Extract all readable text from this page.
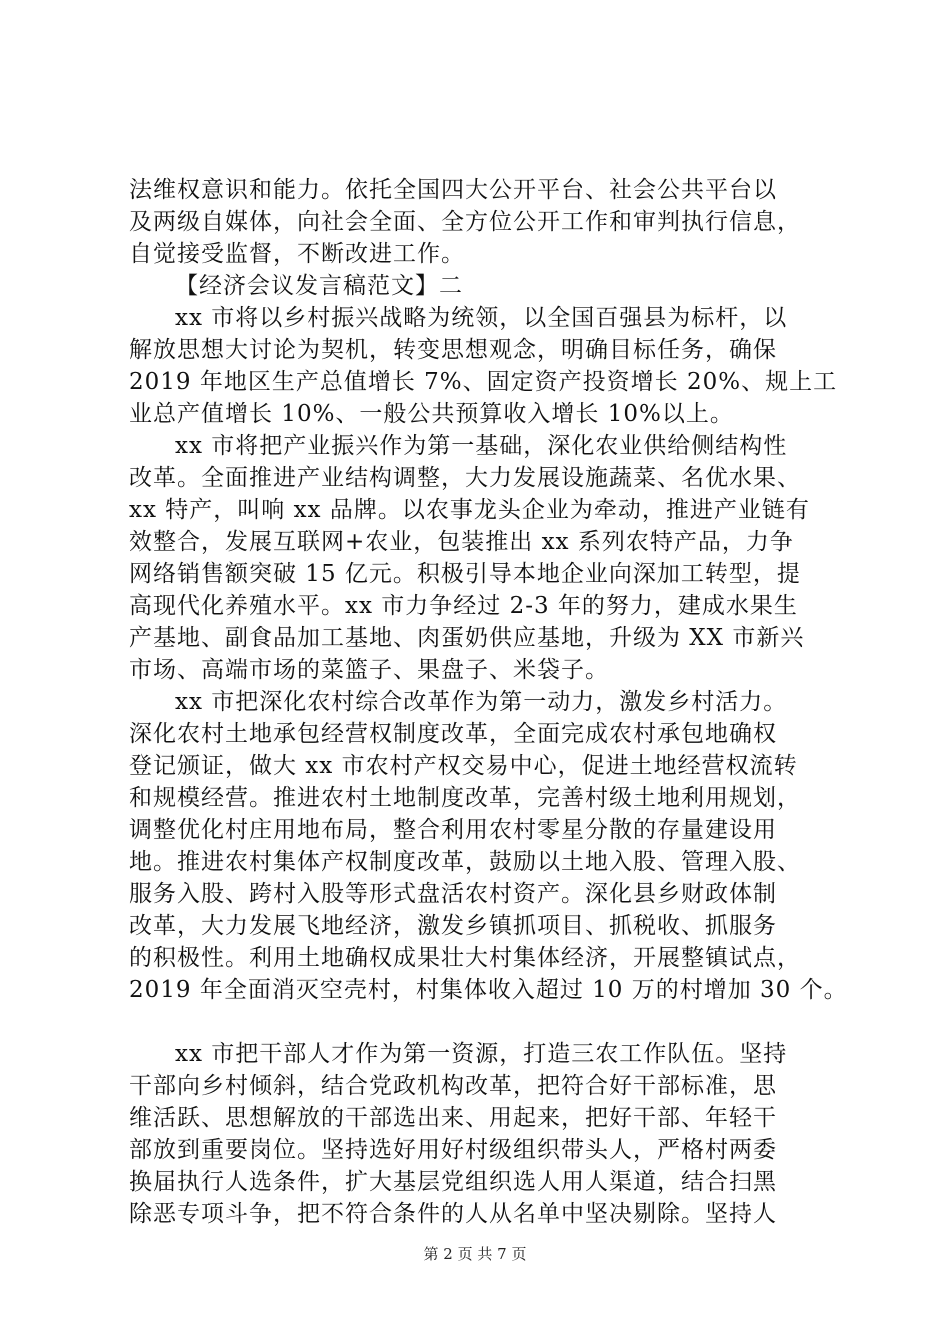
法维权意识和能力。依托全国四大公开平台、社会公共平台以
及两级自媒体，向社会全面、全方位公开工作和审判执行信息，
自觉接受监督，不断改进工作。
【经济会议发言稿范文】二
xx 市将以乡村振兴战略为统领，以全国百强县为标杆，以
解放思想大讨论为契机，转变思想观念，明确目标任务，确保
2019 年地区生产总值增长 7%、固定资产投资增长 20%、规上工
业总产值增长 10%、一般公共预算收入增长 10%以上。
xx 市将把产业振兴作为第一基础，深化农业供给侧结构性
改革。全面推进产业结构调整，大力发展设施蔬菜、名优水果、
xx 特产，叫响 xx 品牌。以农事龙头企业为牵动，推进产业链有
效整合，发展互联网+农业，包装推出 xx 系列农特产品，力争
网络销售额突破 15 亿元。积极引导本地企业向深加工转型，提
高现代化养殖水平。xx 市力争经过 2-3 年的努力，建成水果生
产基地、副食品加工基地、肉蛋奶供应基地，升级为 XX 市新兴
市场、高端市场的菜篮子、果盘子、米袋子。
xx 市把深化农村综合改革作为第一动力，激发乡村活力。
深化农村土地承包经营权制度改革，全面完成农村承包地确权
登记颁证，做大 xx 市农村产权交易中心，促进土地经营权流转
和规模经营。推进农村土地制度改革，完善村级土地利用规划，
调整优化村庄用地布局，整合利用农村零星分散的存量建设用
地。推进农村集体产权制度改革，鼓励以土地入股、管理入股、
服务入股、跨村入股等形式盘活农村资产。深化县乡财政体制
改革，大力发展飞地经济，激发乡镇抓项目、抓税收、抓服务
的积极性。利用土地确权成果壮大村集体经济，开展整镇试点，
2019 年全面消灭空壳村，村集体收入超过 10 万的村增加 30 个。
xx 市把干部人才作为第一资源，打造三农工作队伍。坚持
干部向乡村倾斜，结合党政机构改革，把符合好干部标准，思
维活跃、思想解放的干部选出来、用起来，把好干部、年轻干
部放到重要岗位。坚持选好用好村级组织带头人，严格村两委
换届执行人选条件，扩大基层党组织选人用人渠道，结合扫黑
除恶专项斗争，把不符合条件的人从名单中坚决剔除。坚持人
第 2 页 共 7 页
